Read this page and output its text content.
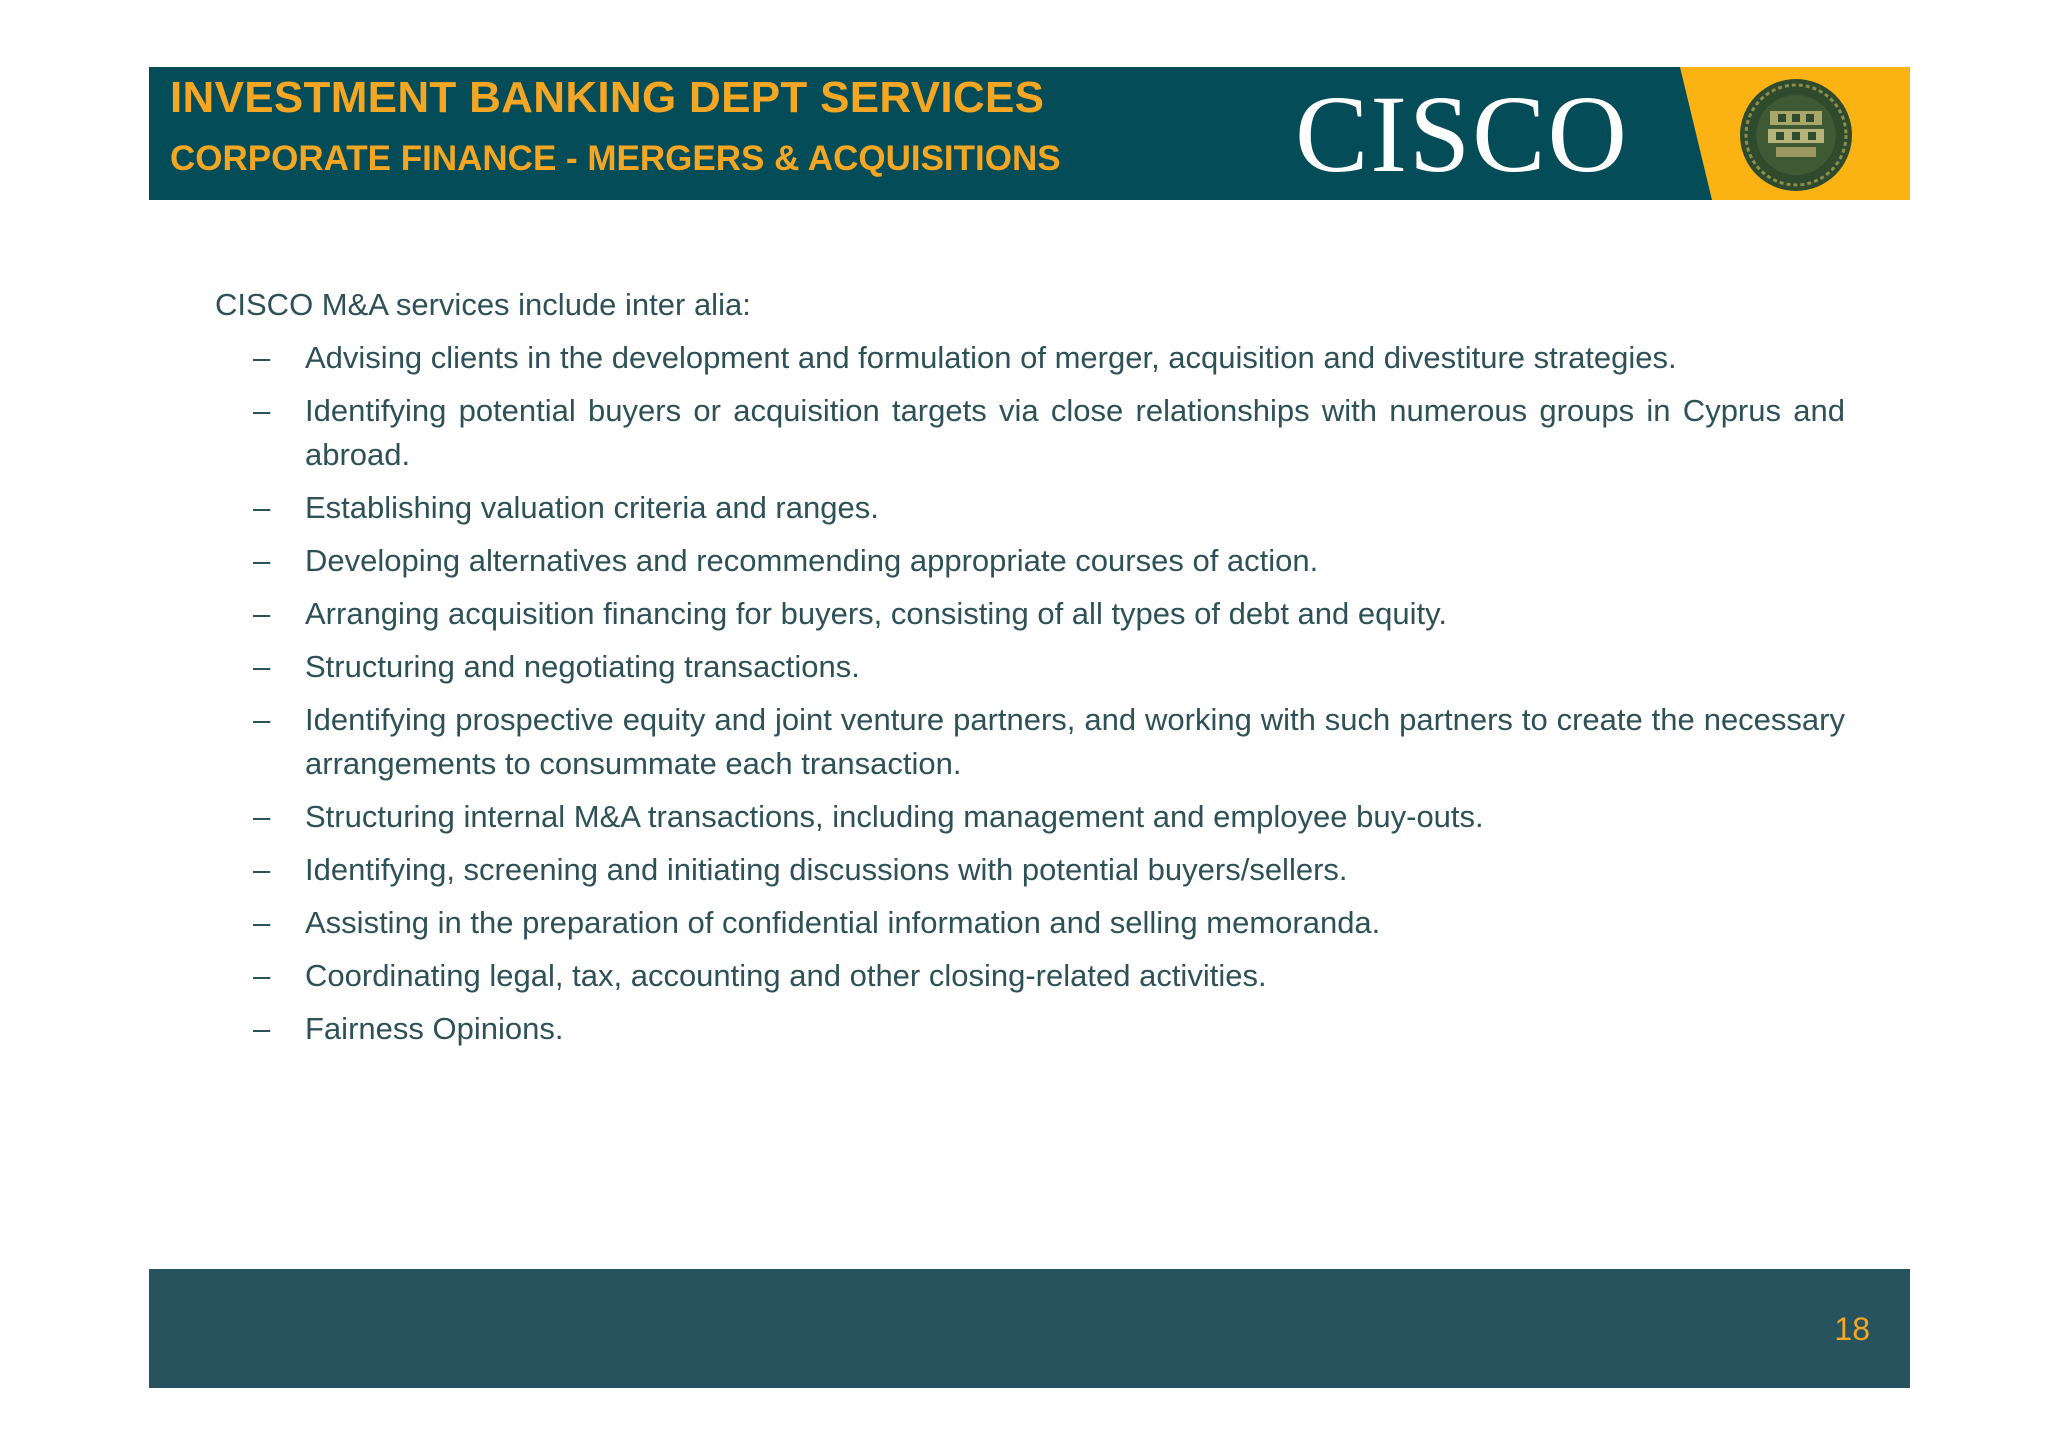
INVESTMENT BANKING DEPT SERVICES
CORPORATE FINANCE - MERGERS & ACQUISITIONS CISCO
CISCO M&A services include inter alia:
– Advising clients in the development and formulation of merger, acquisition and divestiture strategies.
– Identifying potential buyers or acquisition targets via close relationships with numerous groups in Cyprus and abroad.
– Establishing valuation criteria and ranges.
– Developing alternatives and recommending appropriate courses of action.
– Arranging acquisition financing for buyers, consisting of all types of debt and equity.
– Structuring and negotiating transactions.
– Identifying prospective equity and joint venture partners, and working with such partners to create the necessary arrangements to consummate each transaction.
– Structuring internal M&A transactions, including management and employee buy-outs.
– Identifying, screening and initiating discussions with potential buyers/sellers.
– Assisting in the preparation of confidential information and selling memoranda.
– Coordinating legal, tax, accounting and other closing-related activities.
– Fairness Opinions.
18
